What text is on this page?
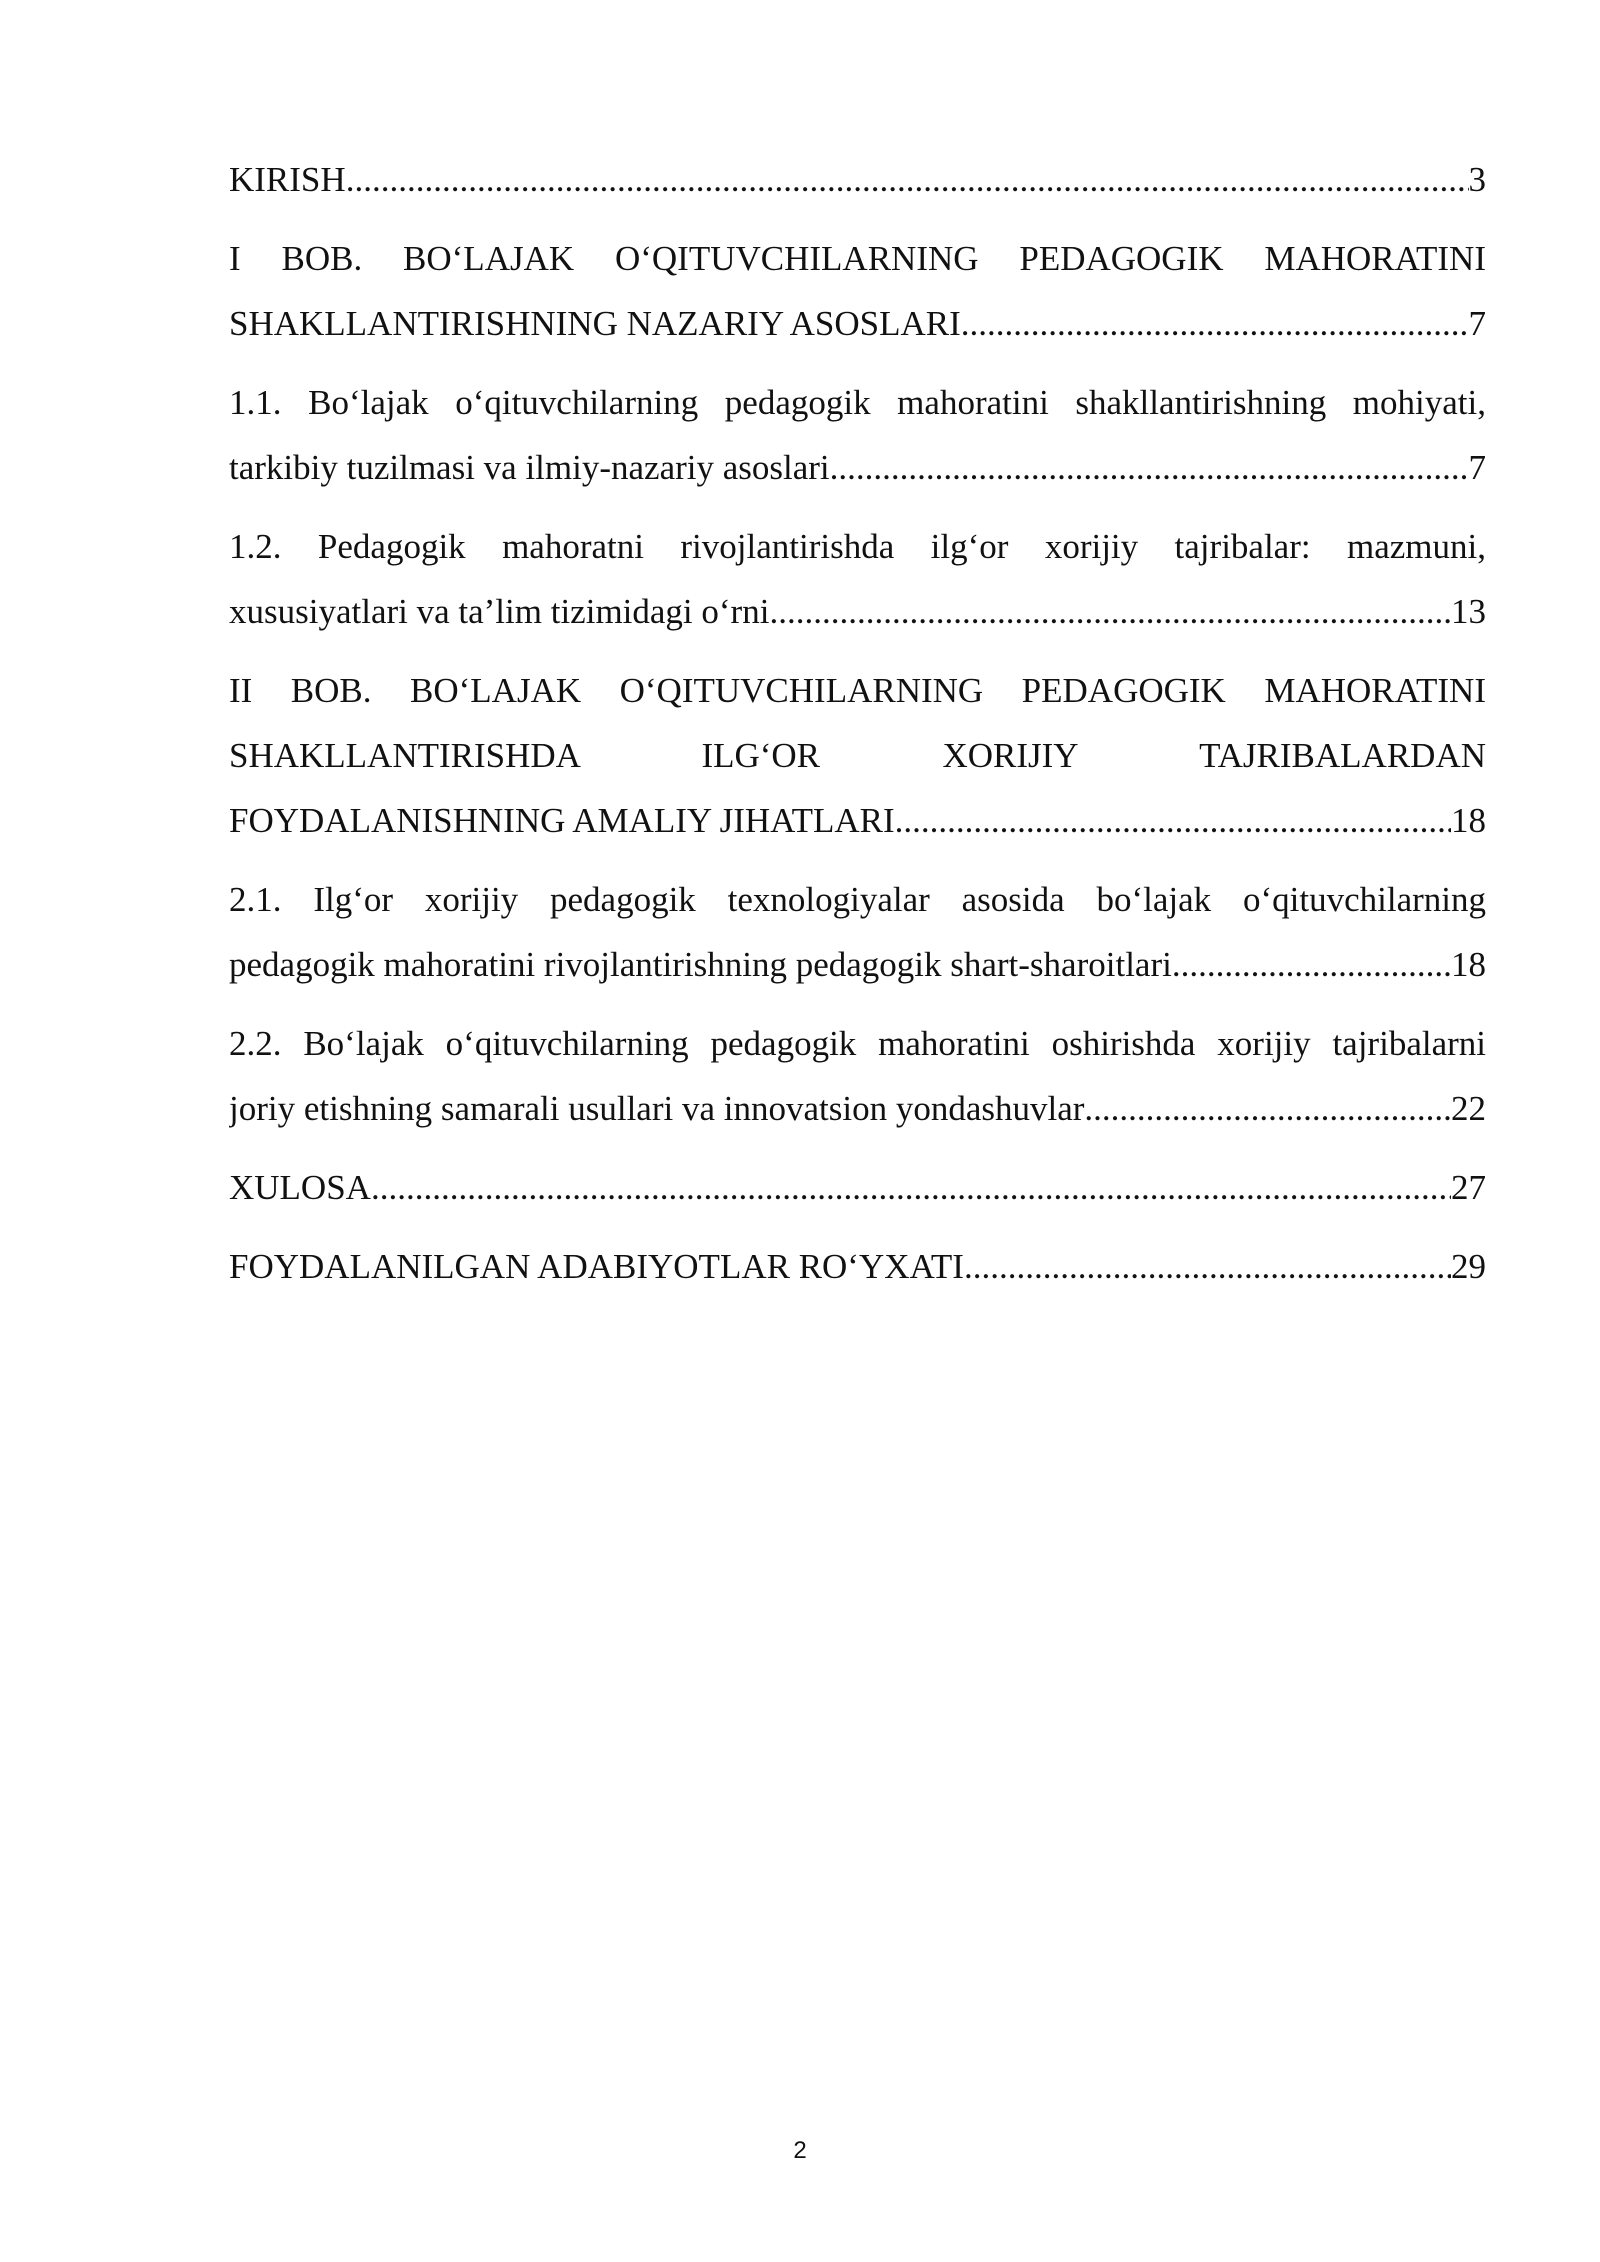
KIRISH .....	3
I BOB. BO‘LAJAK O‘QITUVCHILARNING PEDAGOGIK MAHORATINI
SHAKLLANTIRISHNING NAZARIY ASOSLARI .....	7
1.1. Bo‘lajak o‘qituvchilarning pedagogik mahoratini shakllantirishning mohiyati,
tarkibiy tuzilmasi va ilmiy-nazariy asoslari .....	7
1.2. Pedagogik mahoratni rivojlantirishda ilg‘or xorijiy tajribalar: mazmuni,
xususiyatlari va ta’lim tizimidagi o‘rni .....	13
II BOB. BO‘LAJAK O‘QITUVCHILARNING PEDAGOGIK MAHORATINI
SHAKLLANTIRISHDA ILG‘OR XORIJIY TAJRIBALARDAN
FOYDALANISHNING AMALIY JIHATLARI .....	18
2.1. Ilg‘or xorijiy pedagogik texnologiyalar asosida bo‘lajak o‘qituvchilarning
pedagogik mahoratini rivojlantirishning pedagogik shart-sharoitlari .....	18
2.2. Bo‘lajak o‘qituvchilarning pedagogik mahoratini oshirishda xorijiy tajribalarni
joriy etishning samarali usullari va innovatsion yondashuvlar .....	22
XULOSA .....	27
FOYDALANILGAN ADABIYOTLAR RO‘YXATI .....	29
2
